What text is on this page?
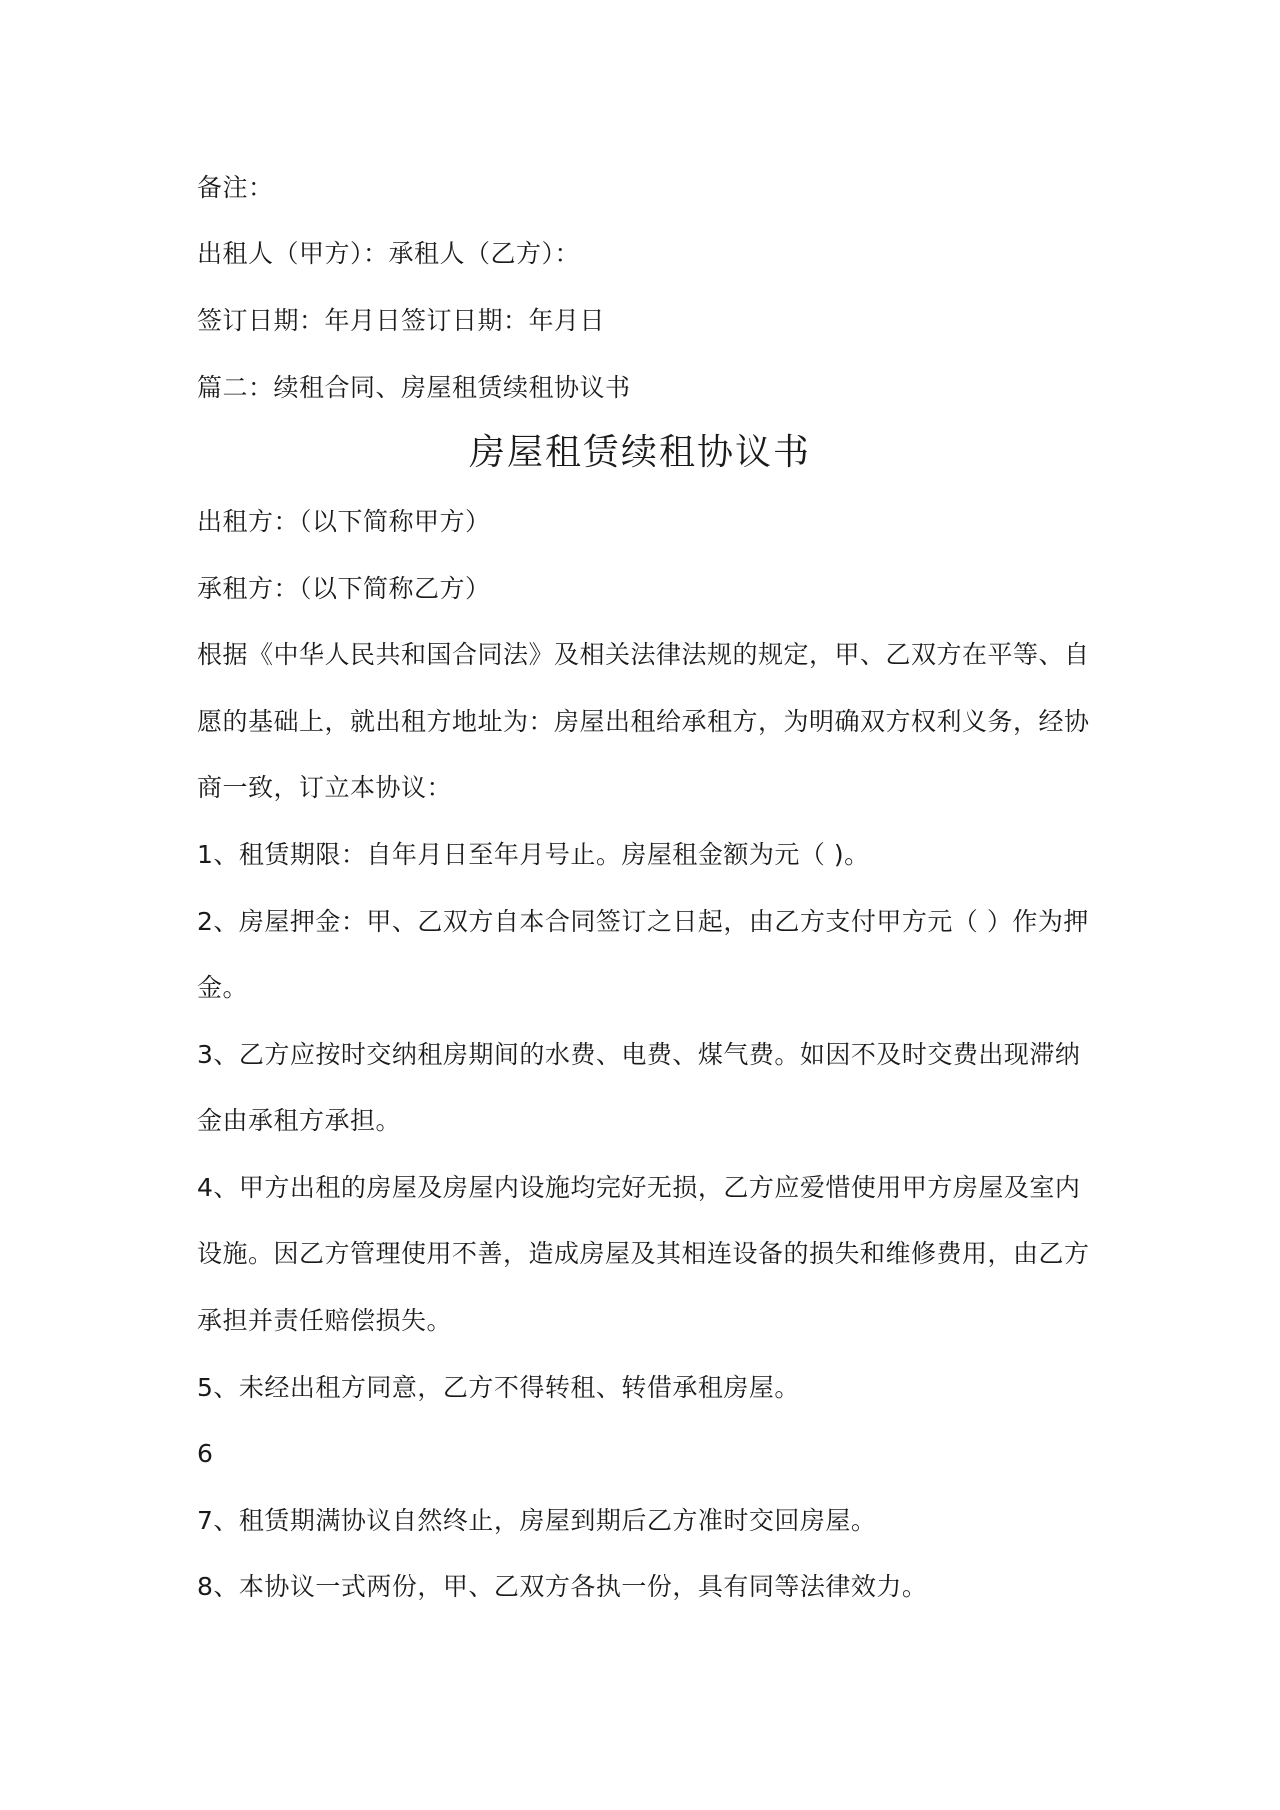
备注：
出租人（甲方）：承租人（乙方）：
签订日期：年月日签订日期：年月日
篇二：续租合同、房屋租赁续租协议书
房屋租赁续租协议书
出租方：（以下简称甲方）
承租方：（以下简称乙方）
根据《中华人民共和国合同法》及相关法律法规的规定，甲、乙双方在平等、自
愿的基础上，就出租方地址为：房屋出租给承租方，为明确双方权利义务，经协
商一致，订立本协议：
1、租赁期限：自年月日至年月号止。房屋租金额为元（ )。
2、房屋押金：甲、乙双方自本合同签订之日起，由乙方支付甲方元（ ）作为押
金。
3、乙方应按时交纳租房期间的水费、电费、煤气费。如因不及时交费出现滞纳
金由承租方承担。
4、甲方出租的房屋及房屋内设施均完好无损，乙方应爱惜使用甲方房屋及室内
设施。因乙方管理使用不善，造成房屋及其相连设备的损失和维修费用，由乙方
承担并责任赔偿损失。
5、未经出租方同意，乙方不得转租、转借承租房屋。
6
7、租赁期满协议自然终止，房屋到期后乙方准时交回房屋。
8、本协议一式两份，甲、乙双方各执一份，具有同等法律效力。
